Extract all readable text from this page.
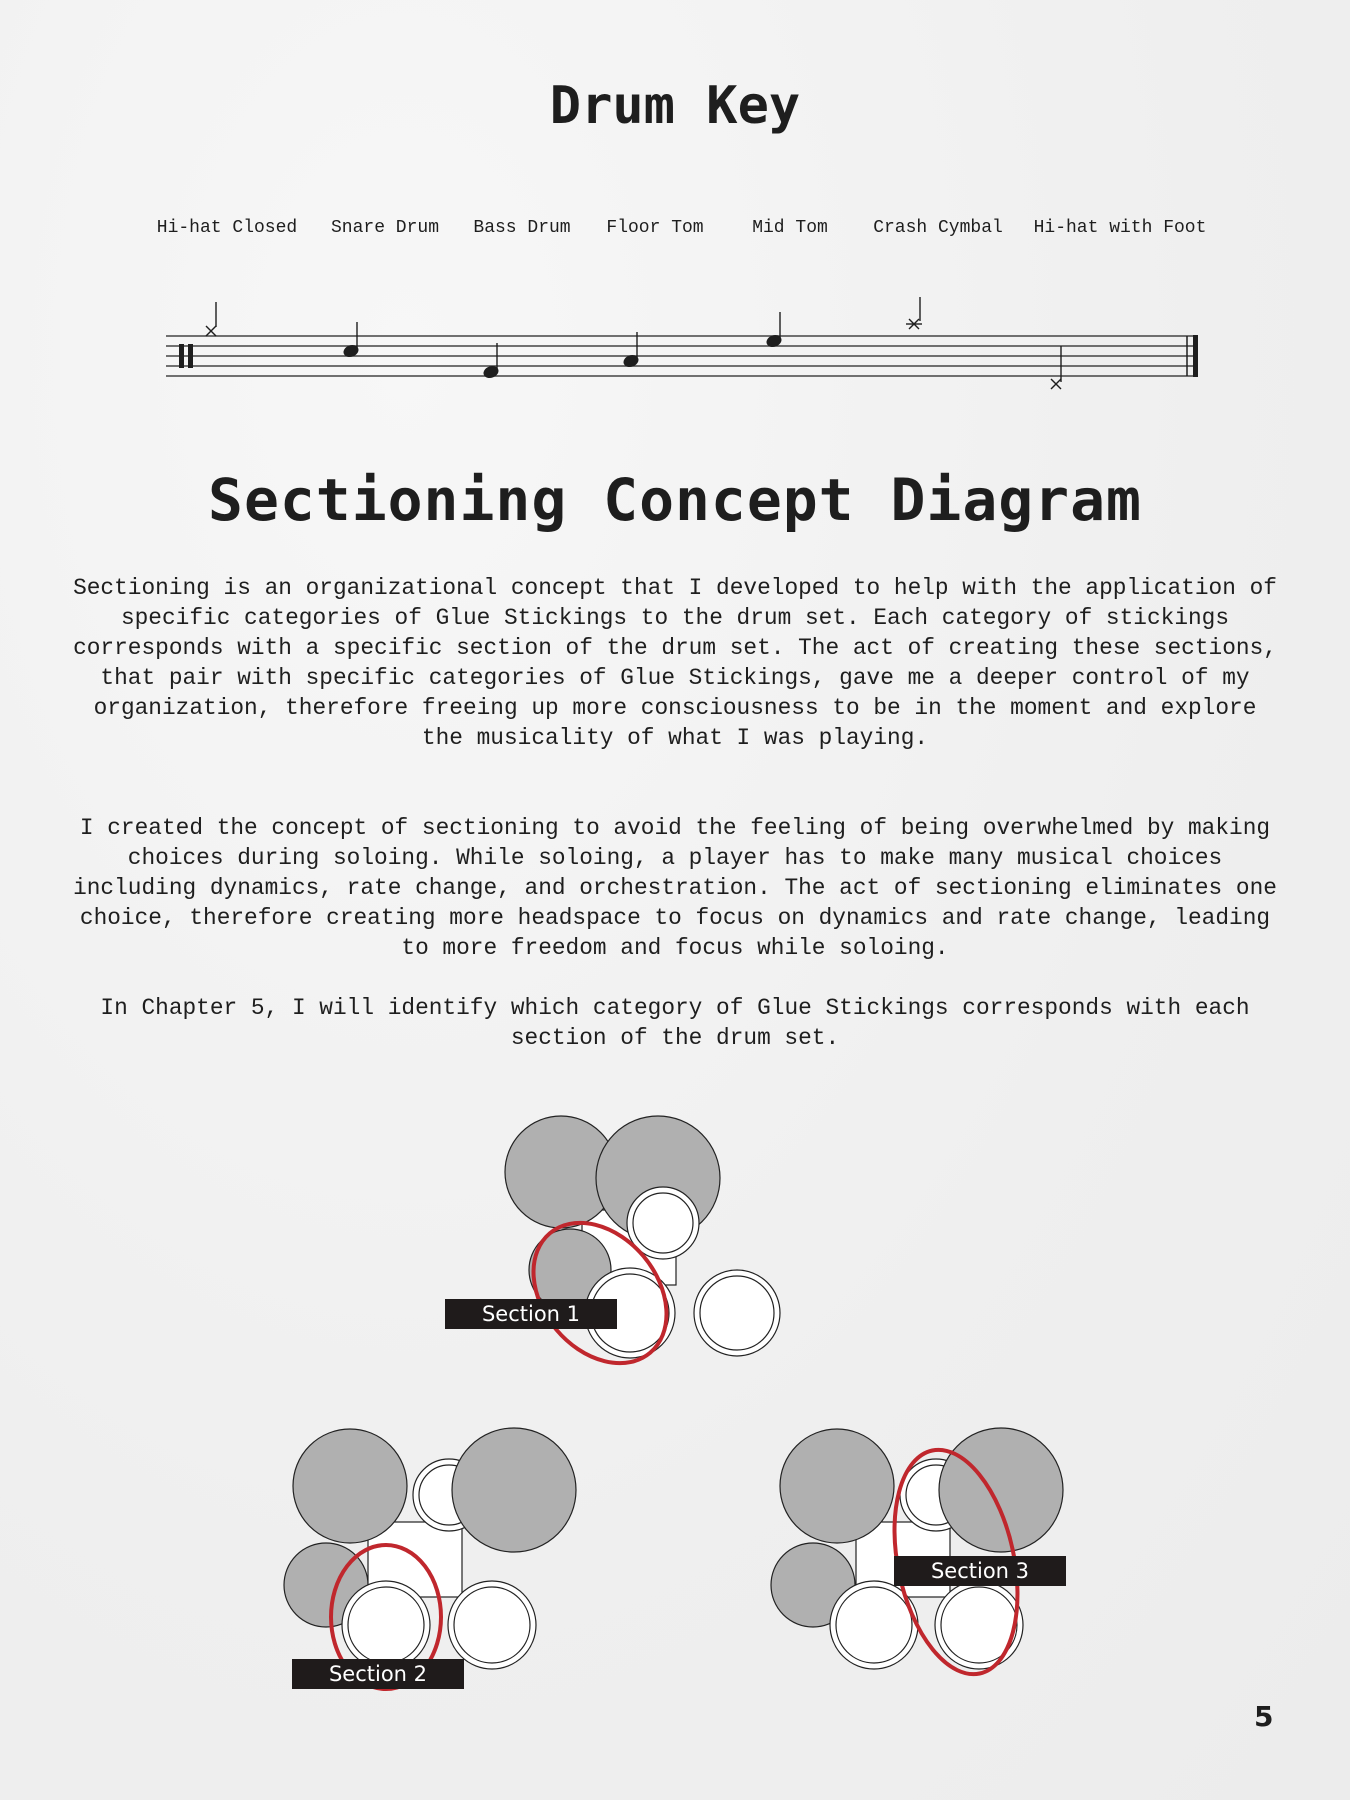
Drum Key
Hi-hat Closed Snare Drum Bass Drum Floor Tom	Mid Tom	Crash Cymbal Hi-hat with Foot
Sectioning Concept Diagram

Sectioning is an organizational concept that I developed to help with the application of specific categories of Glue Stickings to the drum set. Each category of stickings corresponds with a specific section of the drum set. The act of creating these sections, that pair with specific categories of Glue Stickings, gave me a deeper control of my organization, therefore freeing up more consciousness to be in the moment and explore the musicality of what I was playing.

I created the concept of sectioning to avoid the feeling of being overwhelmed by making choices during soloing. While soloing, a player has to make many musical choices including dynamics, rate change, and orchestration. The act of sectioning eliminates one choice, therefore creating more headspace to focus on dynamics and rate change, leading to more freedom and focus while soloing.

In Chapter 5, I will identify which category of Glue Stickings corresponds with each section of the drum set.

Section 1
Section 2
Section 3
5
